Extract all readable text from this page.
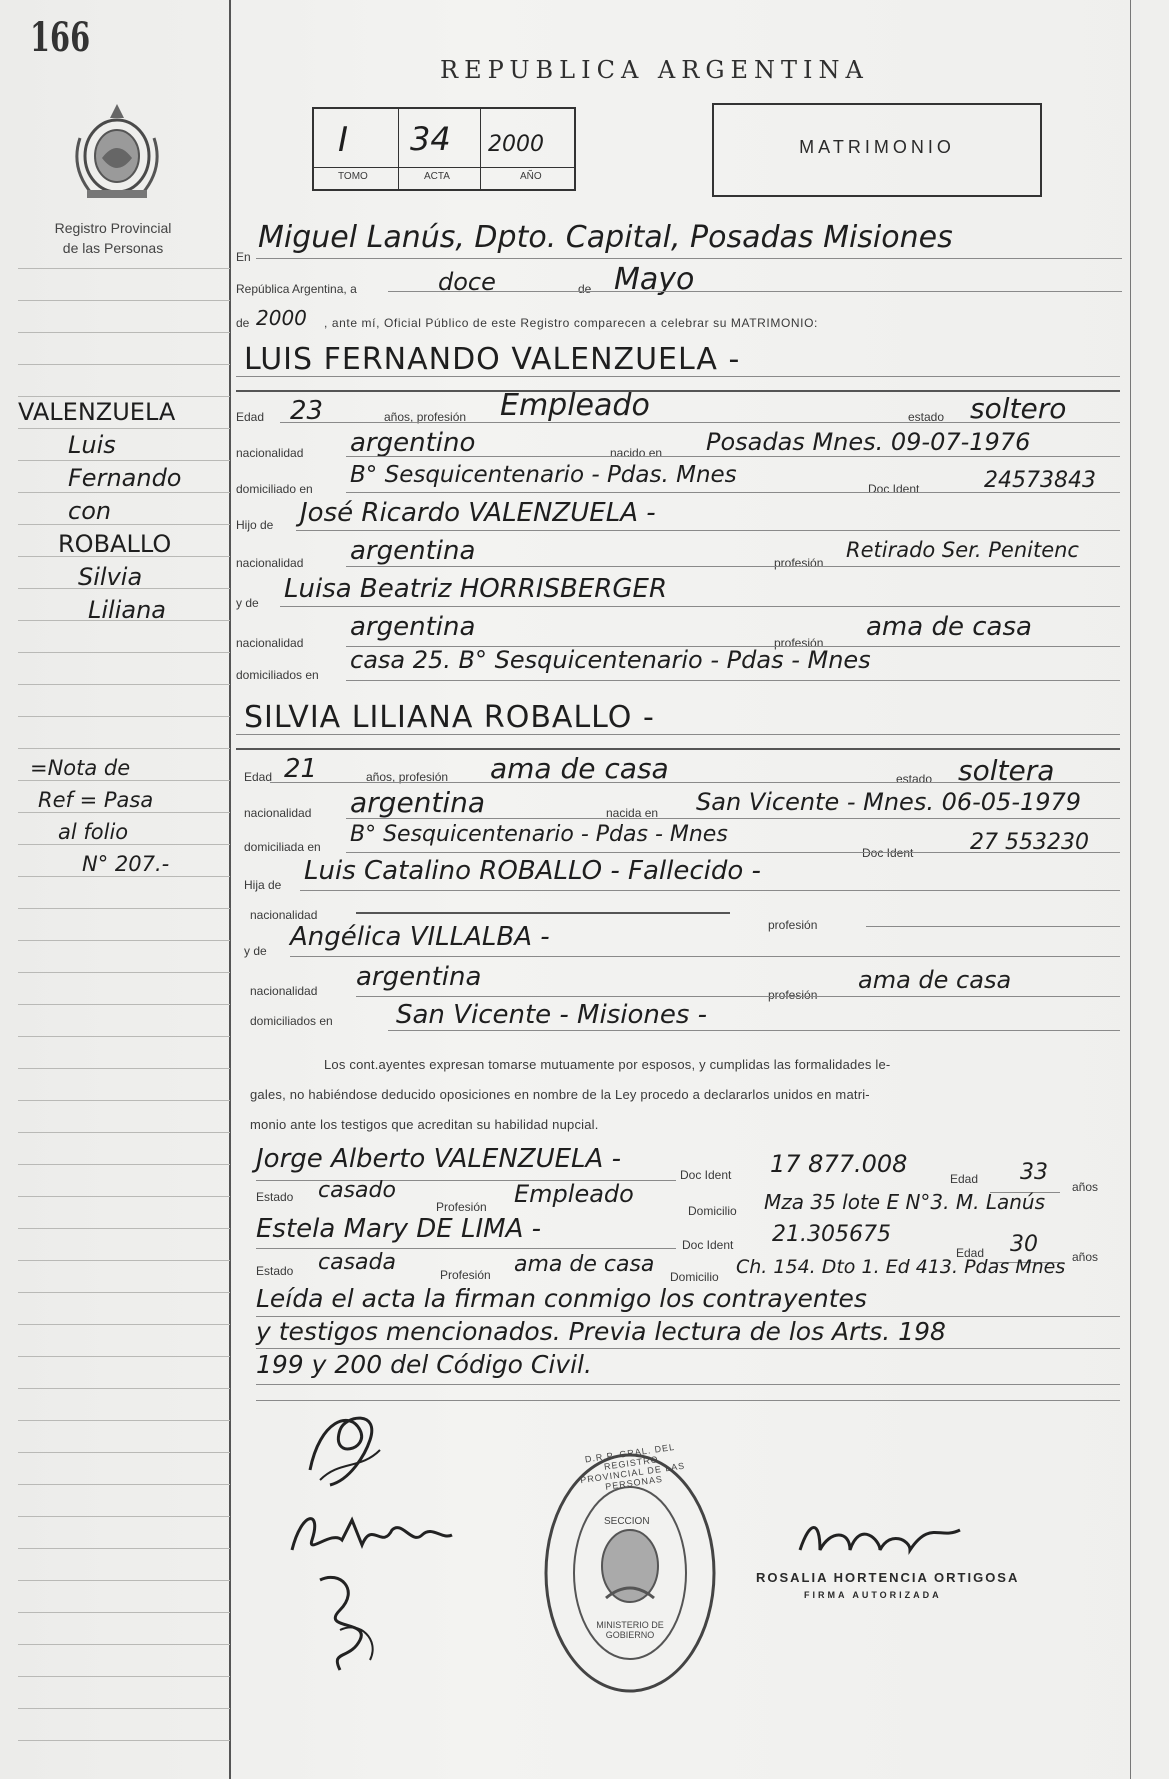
166
REPUBLICA ARGENTINA
Registro Provincial
de las Personas
I 34 2000
TOMO	ACTA	AÑO
MATRIMONIO
VALENZUELA
Luis
Fernando
con
ROBALLO
Silvia
Liliana
=Nota de
Ref = Pasa
al folio
N° 207.-
En
Miguel Lanús, Dpto. Capital, Posadas Misiones
República Argentina, a	doce	de Mayo
de 2000 , ante mí, Oficial Público de este Registro comparecen a celebrar su MATRIMONIO:
LUIS FERNANDO VALENZUELA -
Edad 23	años, profesión Empleado	estado soltero
nacionalidad argentino	nacido en Posadas Mnes. 09-07-1976
domiciliado en
B° Sesquicentenario - Pdas. Mnes
Doc Ident	24573843
Hijo de José Ricardo VALENZUELA -
nacionalidad argentina	profesión
Retirado Ser. Penitenc
y de Luisa Beatriz HORRISBERGER
nacionalidad
argentina
profesión
ama de casa
domiciliados en
casa 25. B° Sesquicentenario - Pdas - Mnes
SILVIA LILIANA ROBALLO -
Edad 21	años, profesión ama de casa	estado soltera
nacionalidad argentina	nacida en San Vicente - Mnes. 06-05-1979
domiciliada en B° Sesquicentenario - Pdas - Mnes
Doc Ident	27 553230
Hija de Luis Catalino ROBALLO - Fallecido -
nacionalidad
profesión
y de Angélica VILLALBA -
nacionalidad argentina
profesión
ama de casa
domiciliados en San Vicente - Misiones -
Los cont.ayentes expresan tomarse mutuamente por esposos, y cumplidas las formalidades le-
gales, no habiéndose deducido oposiciones en nombre de la Ley procedo a declararlos unidos en matri-
monio ante los testigos que acreditan su habilidad nupcial.
Jorge Alberto VALENZUELA -
Doc Ident 17 877.008
Edad 33
años
Estado casado
Profesión Empleado
Domicilio Mza 35 lote E N°3. M. Lanús
Estela Mary DE LIMA -
Doc Ident 21.305675
Edad 30	años
Estado casada	Profesión ama de casa Domicilio Ch. 154. Dto 1. Ed 413. Pdas Mnes
Leída el acta la firman conmigo los contrayentes
y testigos mencionados. Previa lectura de los Arts. 198
199 y 200 del Código Civil.
D.R.P. GRAL. DEL REGISTRO PROVINCIAL DE LAS PERSONAS
SECCION
MINISTERIO DE GOBIERNO
ROSALIA HORTENCIA ORTIGOSA
FIRMA AUTORIZADA
